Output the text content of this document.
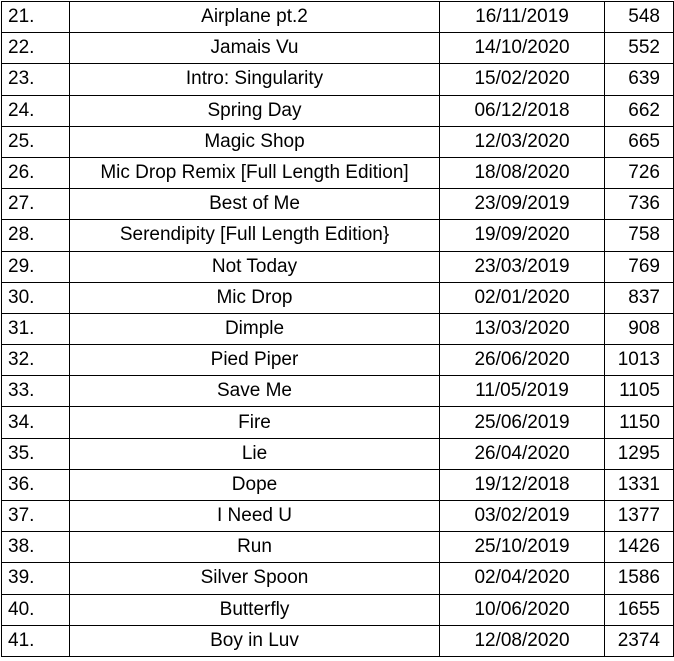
21.	Airplane pt.2	16/11/2019	548
22.	Jamais Vu	14/10/2020	552
23.	Intro: Singularity	15/02/2020	639
24.	Spring Day	06/12/2018	662
25.	Magic Shop	12/03/2020	665
26.	Mic Drop Remix [Full Length Edition]	18/08/2020	726
27.	Best of Me	23/09/2019	736
28.	Serendipity [Full Length Edition}	19/09/2020	758
29.	Not Today	23/03/2019	769
30.	Mic Drop	02/01/2020	837
31.	Dimple	13/03/2020	908
32.	Pied Piper	26/06/2020	1013
33.	Save Me	11/05/2019	1105
34.	Fire	25/06/2019	1150
35.	Lie	26/04/2020	1295
36.	Dope	19/12/2018	1331
37.	I Need U	03/02/2019	1377
38.	Run	25/10/2019	1426
39.	Silver Spoon	02/04/2020	1586
40.	Butterfly	10/06/2020	1655
41.	Boy in Luv	12/08/2020	2374
